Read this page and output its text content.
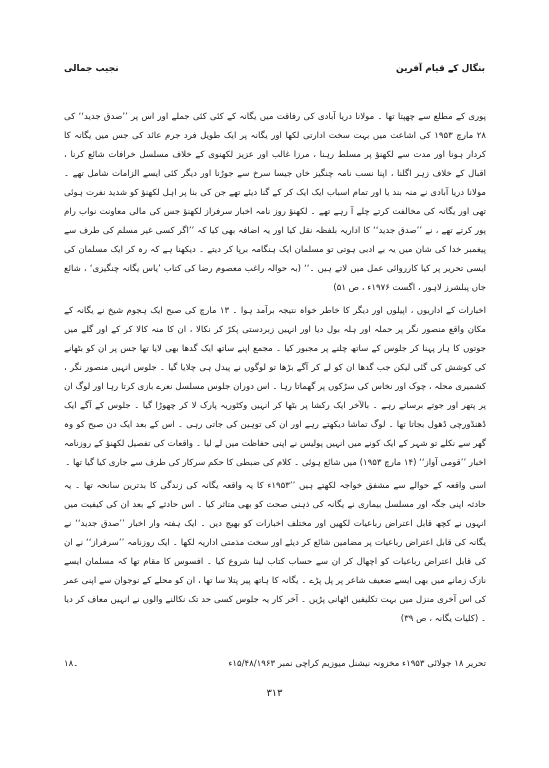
بنگال کے قیام آفرین
نجیب جمالی

پوری کے مطلع سے چھپتا تھا ۔ مولانا دریا آبادی کی رفاقت میں یگانہ کے کئی کئی جملے اور اس پر ’’صدق جدید‘‘ کی ۲۸ مارچ ۱۹۵۳ کی اشاعت میں بہت سخت ادارتی لکھا اور یگانہ پر ایک طویل فرد جرم عائد کی جس میں یگانہ کا کردار ہونا اور مدت سے لکھنؤ پر مسلط رہنا ، مرزا غالب اور عزیز لکھنوی کے خلاف مسلسل خرافات شائع کرنا ، اقبال کے خلاف زہر اگلنا ، اپنا نسب نامہ چنگیز خاں جیسا سرخ سے جوڑنا اور دیگر کئی ایسے الزامات شامل تھے ۔ مولانا دریا آبادی نے منہ بند یا اور تمام اسباب ایک ایک کر کے گنا دیئے تھے جن کی بنا پر اہل لکھنؤ کو شدید نفرت ہوئی تھی اور یگانہ کی مخالفت کرتے چلے آ رہے تھے ۔ لکھنؤ روز نامہ اخبار سرفراز لکھنؤ جس کی مالی معاونت نواب رام پور کرتے تھے ، نے ’’صدق جدید‘‘ کا اداریہ بلفظہ نقل کیا اور یہ اضافہ بھی کیا کہ ’’اگر کسی غیر مسلم کی طرف سے پیغمبر خدا کی شان میں یہ بے ادبی ہوتی تو مسلمان ایک ہنگامہ برپا کر دیتے ۔ دیکھنا ہے کہ رہ کر ایک مسلمان کی ایسی تحریر پر کیا کارروائی عمل میں لاتے ہیں ۔‘‘ (بہ حوالہ راغب معصوم رضا کی کتاب ’یاس یگانہ چنگیزی‘ ، شائع جاں پبلشرز لاہور ، اگست ۱۹۷۶ء ، ص ۵۱)

اخبارات کے اداریوں ، اپیلوں اور دیگر کا خاطر خواہ نتیجہ برآمد ہوا ۔ ۱۳ مارچ کی صبح ایک ہجوم شیخ نے یگانہ کے مکان واقع منصور نگر پر حملہ اور ہلہ بول دیا اور انہیں زبردستی پکڑ کر نکالا ، ان کا منہ کالا کر کے اور گلے میں جوتوں کا ہار پہنا کر جلوس کے ساتھ چلنے پر مجبور کیا ۔ مجمع اپنے ساتھ ایک گدھا بھی لایا تھا جس پر ان کو بٹھانے کی کوشش کی گئی لیکن جب گدھا ان کو لے کر آگے بڑھا تو لوگوں نے پیدل ہی چلایا گیا ۔ جلوس انہیں منصور نگر ، کشمیری محلہ ، چوک اور نخاس کی سڑکوں پر گھماتا رہا ۔ اس دوران جلوس مسلسل نعرے بازی کرتا رہا اور لوگ ان پر پتھر اور جوتے برساتے رہے ۔ بالآخر ایک رکشا پر بٹھا کر انہیں وکٹوریہ پارک لا کر چھوڑا گیا ۔ جلوس کے آگے ایک ڈھنڈورچی ڈھول بجاتا تھا ۔ لوگ تماشا دیکھتے رہے اور ان کی توہین کی جاتی رہی ۔ اس کے بعد ایک دن صبح کو وہ گھر سے نکلے تو شہر کے ایک کونے میں انہیں پولیس نے اپنی حفاظت میں لے لیا ۔ واقعات کی تفصیل لکھنؤ کے روزنامہ اخبار ’’قومی آواز‘‘ (۱۴ مارچ ۱۹۵۳) میں شائع ہوئی ۔ کلام کی ضبطی کا حکم سرکار کی طرف سے جاری کیا گیا تھا ۔

اسی واقعہ کے حوالے سے مشفق خواجہ لکھتے ہیں ’’۱۹۵۳ء کا یہ واقعہ یگانہ کی زندگی کا بدترین سانحہ تھا ۔ یہ حادثہ اپنی جگہ اور مسلسل بیماری نے یگانہ کی ذہنی صحت کو بھی متاثر کیا ۔ اس حادثے کے بعد ان کی کیفیت میں انہوں نے کچھ قابل اعتراض رباعیات لکھیں اور مختلف اخبارات کو بھیج دیں ۔ ایک ہفتہ وار اخبار ’’صدق جدید‘‘ نے یگانہ کی قابل اعتراض رباعیات پر مضامین شائع کر دیئے اور سخت مذمتی اداریہ لکھا ۔ ایک روزنامہ ’’سرفراز‘‘ نے ان کی قابل اعتراض رباعیات کو اچھال کر ان سے حساب کتاب لینا شروع کیا ۔ افسوس کا مقام تھا کہ مسلمان ایسے نازک زمانے میں بھی ایسے ضعیف شاعر پر پل پڑے ۔ یگانہ کا ہاتھ پیر پتلا سا تھا ، ان کو محلے کے نوجوان سے اپنی عمر کی اس آخری منزل میں بہت تکلیفیں اٹھانی پڑیں ۔ آخر کار یہ جلوس کسی حد تک نکالنے والوں نے انہیں معاف کر دیا ۔ (کلیات یگانہ ، ص ۳۹)

تحریر ۱۸ جولائی ۱۹۵۳ء مخزونہ نیشنل میوزیم کراچی نمبر ۱۵/۴۸/۱۹۶۳ء
۱۸۔
۳۱۳
